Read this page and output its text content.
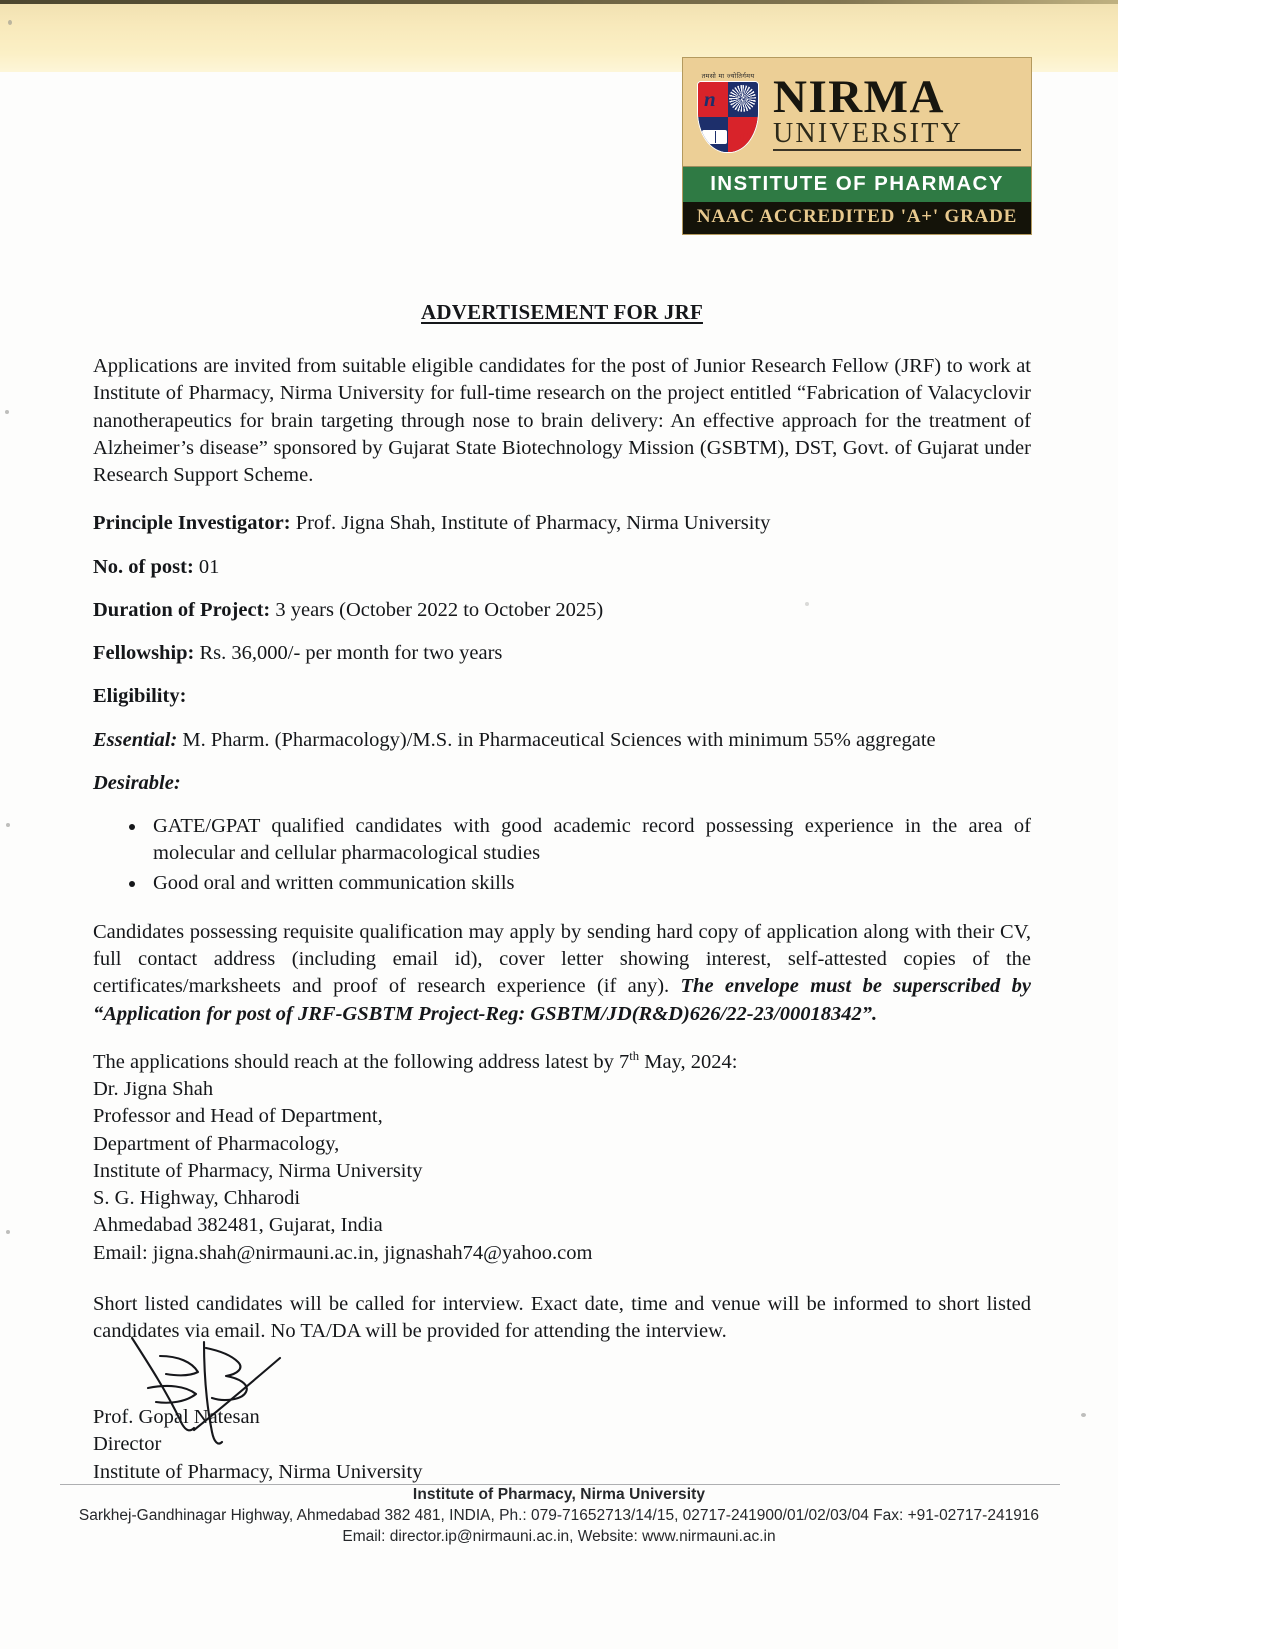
तमसो मा ज्योतिर्गमय
n
u
NIRMA
UNIVERSITY
INSTITUTE OF PHARMACY
NAAC ACCREDITED 'A+' GRADE
ADVERTISEMENT FOR JRF

Applications are invited from suitable eligible candidates for the post of Junior Research Fellow (JRF) to work at Institute of Pharmacy, Nirma University for full-time research on the project entitled “Fabrication of Valacyclovir nanotherapeutics for brain targeting through nose to brain delivery: An effective approach for the treatment of Alzheimer’s disease” sponsored by Gujarat State Biotechnology Mission (GSBTM), DST, Govt. of Gujarat under Research Support Scheme.

Principle Investigator: Prof. Jigna Shah, Institute of Pharmacy, Nirma University

No. of post: 01

Duration of Project: 3 years (October 2022 to October 2025)

Fellowship: Rs. 36,000/- per month for two years

Eligibility:

Essential: M. Pharm. (Pharmacology)/M.S. in Pharmaceutical Sciences with minimum 55% aggregate

Desirable:

• GATE/GPAT qualified candidates with good academic record possessing experience in the area of molecular and cellular pharmacological studies
• Good oral and written communication skills

Candidates possessing requisite qualification may apply by sending hard copy of application along with their CV, full contact address (including email id), cover letter showing interest, self-attested copies of the certificates/marksheets and proof of research experience (if any). The envelope must be superscribed by “Application for post of JRF-GSBTM Project-Reg: GSBTM/JD(R&D)626/22-23/00018342”.

The applications should reach at the following address latest by 7th May, 2024:
Dr. Jigna Shah
Professor and Head of Department,
Department of Pharmacology,
Institute of Pharmacy, Nirma University
S. G. Highway, Chharodi
Ahmedabad 382481, Gujarat, India
Email: jigna.shah@nirmauni.ac.in, jignashah74@yahoo.com

Short listed candidates will be called for interview. Exact date, time and venue will be informed to short listed candidates via email. No TA/DA will be provided for attending the interview.

Prof. Gopal Natesan
Director
Institute of Pharmacy, Nirma University
Institute of Pharmacy, Nirma University
Sarkhej-Gandhinagar Highway, Ahmedabad 382 481, INDIA, Ph.: 079-71652713/14/15, 02717-241900/01/02/03/04 Fax: +91-02717-241916
Email: director.ip@nirmauni.ac.in, Website: www.nirmauni.ac.in
